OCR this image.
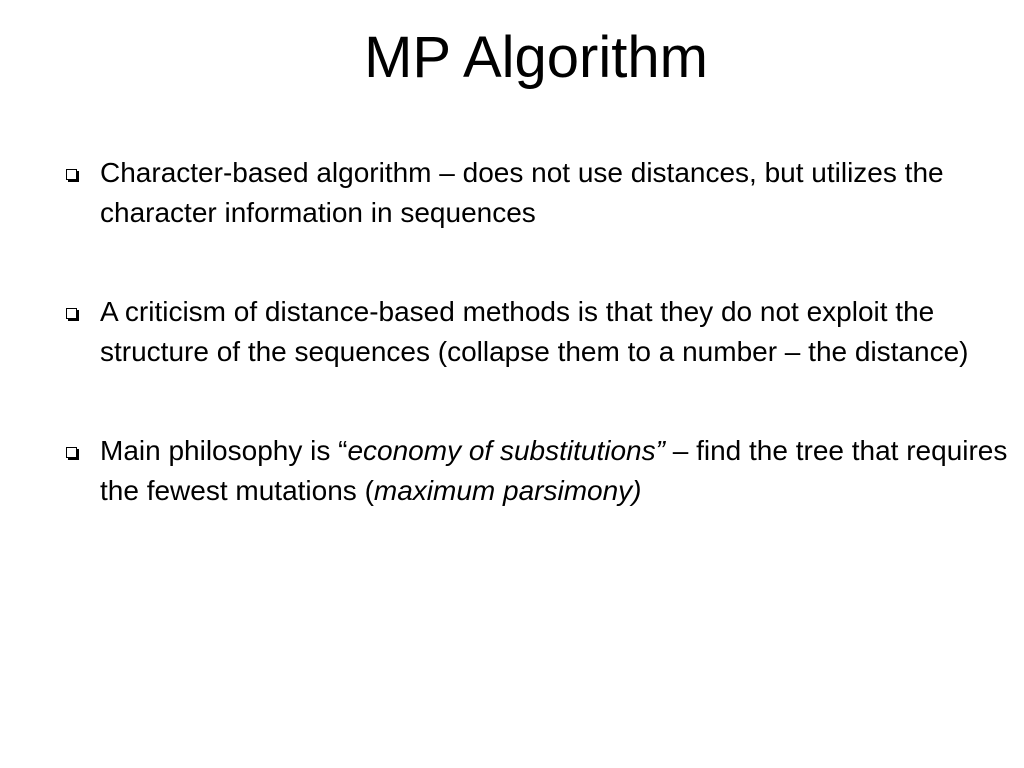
MP Algorithm
Character-based algorithm – does not use distances, but utilizes the character information in sequences
A criticism of distance-based methods is that they do not exploit the structure of the sequences (collapse them to a number – the distance)
Main philosophy is “economy of substitutions” – find the tree that requires the fewest mutations (maximum parsimony)
